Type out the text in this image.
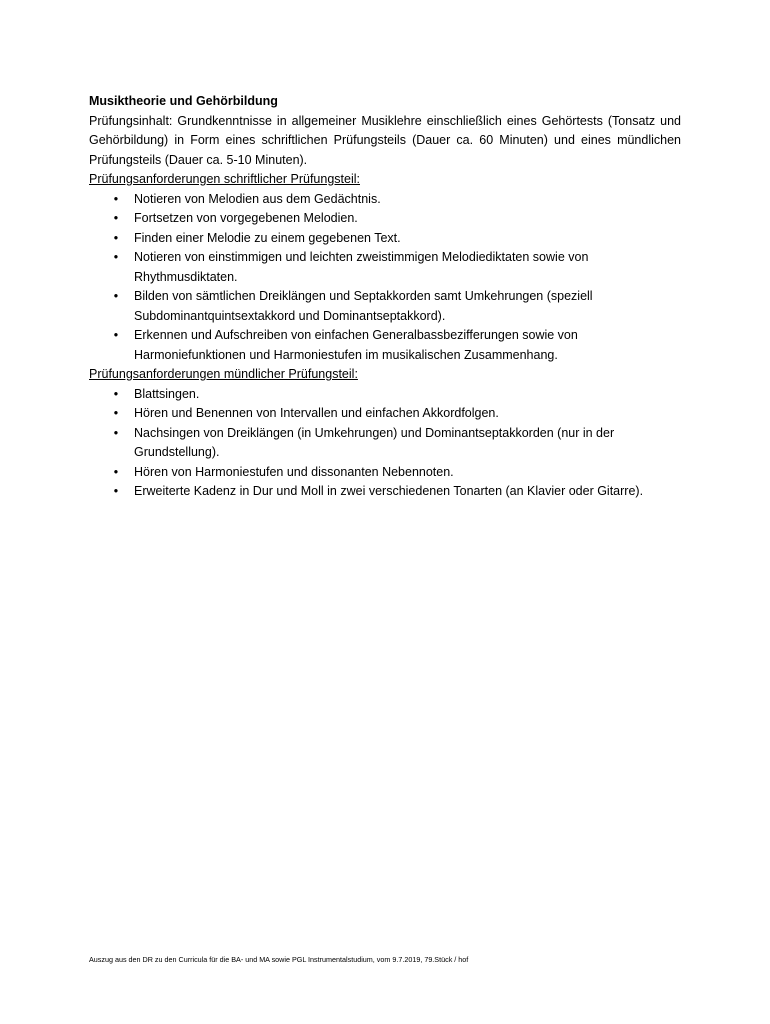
Musiktheorie und Gehörbildung

Prüfungsinhalt: Grundkenntnisse in allgemeiner Musiklehre einschließlich eines Gehörtests (Tonsatz und Gehörbildung) in Form eines schriftlichen Prüfungsteils (Dauer ca. 60 Minuten) und eines mündlichen Prüfungsteils (Dauer ca. 5-10 Minuten).

Prüfungsanforderungen schriftlicher Prüfungsteil:

• Notieren von Melodien aus dem Gedächtnis.
• Fortsetzen von vorgegebenen Melodien.
• Finden einer Melodie zu einem gegebenen Text.
• Notieren von einstimmigen und leichten zweistimmigen Melodiediktaten sowie von Rhythmusdiktaten.
• Bilden von sämtlichen Dreiklängen und Septakkorden samt Umkehrungen (speziell Subdominantquintsextakkord und Dominantseptakkord).
• Erkennen und Aufschreiben von einfachen Generalbassbezifferungen sowie von Harmoniefunktionen und Harmoniestufen im musikalischen Zusammenhang.

Prüfungsanforderungen mündlicher Prüfungsteil:

• Blattsingen.
• Hören und Benennen von Intervallen und einfachen Akkordfolgen.
• Nachsingen von Dreiklängen (in Umkehrungen) und Dominantseptakkorden (nur in der Grundstellung).
• Hören von Harmoniestufen und dissonanten Nebennoten.
• Erweiterte Kadenz in Dur und Moll in zwei verschiedenen Tonarten (an Klavier oder Gitarre).
Auszug aus den DR zu den Curricula für die BA- und MA sowie PGL Instrumentalstudium, vom 9.7.2019, 79.Stück / hof
